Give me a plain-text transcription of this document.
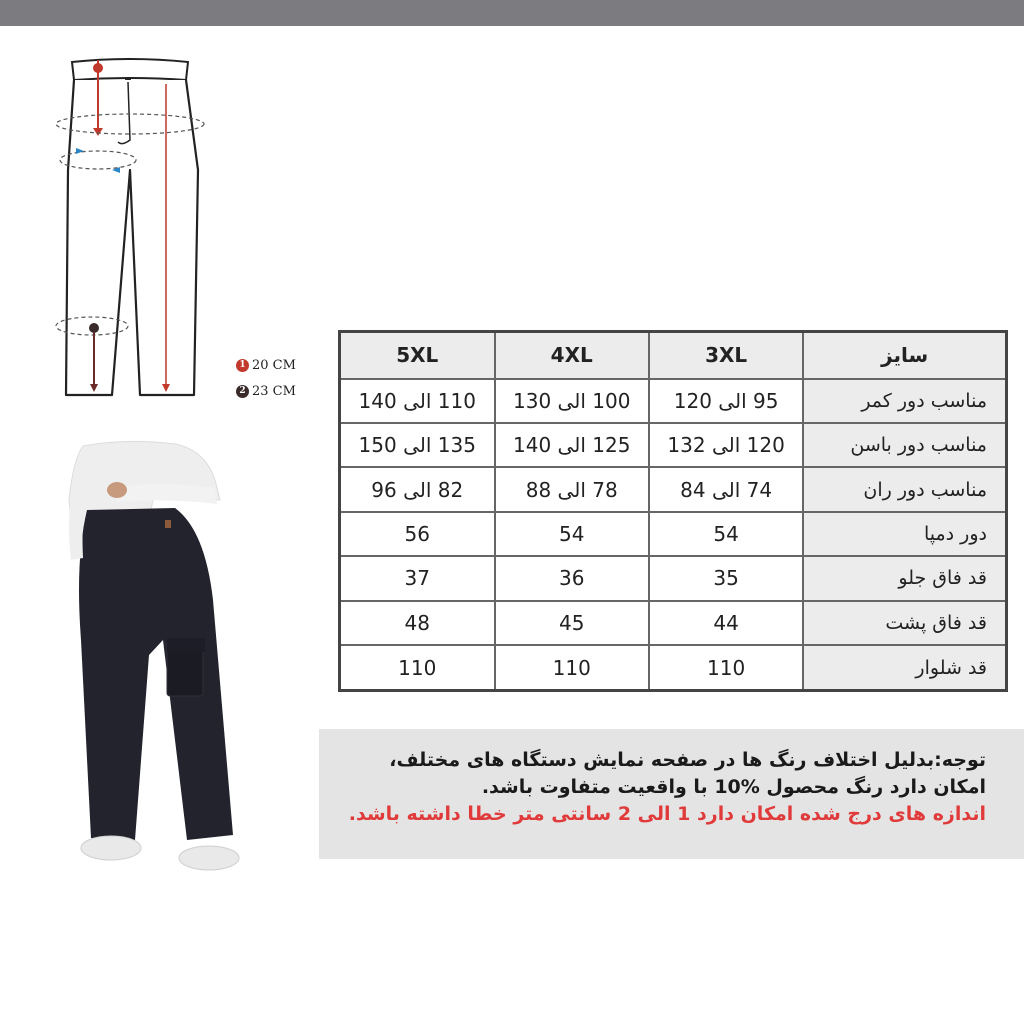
1 20 CM
2 23 CM
5XL	4XL	3XL	سایز
110 الی 140	100 الی 130	95 الی 120	مناسب دور کمر
135 الی 150	125 الی 140	120 الی 132	مناسب دور باسن
82 الی 96	78 الی 88	74 الی 84	مناسب دور ران
56	54	54	دور دمپا
37	36	35	قد فاق جلو
48	45	44	قد فاق پشت
110	110	110	قد شلوار
توجه:بدلیل اختلاف رنگ ها در صفحه نمایش دستگاه های مختلف،
امکان دارد رنگ محصول %10 با واقعیت متفاوت باشد.
اندازه های درج شده امکان دارد 1 الی 2 سانتی متر خطا داشته باشد.
